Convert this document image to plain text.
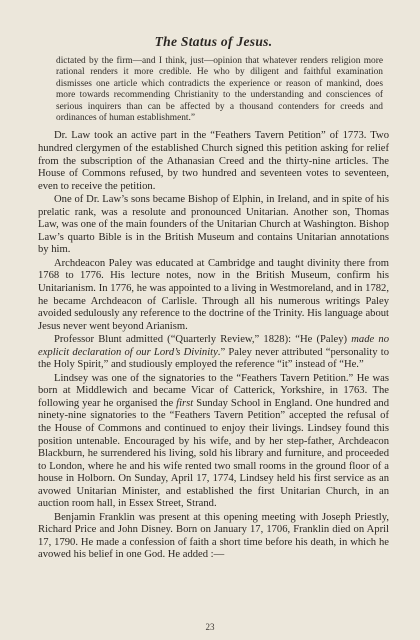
The Status of Jesus.
dictated by the firm—and I think, just—opinion that whatever renders religion more rational renders it more credible. He who by diligent and faithful examination dismisses one article which contradicts the experience or reason of mankind, does more towards recommending Christianity to the understanding and consciences of serious inquirers than can be affected by a thousand contenders for creeds and ordinances of human establishment.”

Dr. Law took an active part in the “Feathers Tavern Petition” of 1773. Two hundred clergymen of the established Church signed this petition asking for relief from the subscription of the Athanasian Creed and the thirty-nine articles. The House of Commons refused, by two hundred and seventeen votes to seventeen, even to receive the petition.

One of Dr. Law’s sons became Bishop of Elphin, in Ireland, and in spite of his prelatic rank, was a resolute and pronounced Unitarian. Another son, Thomas Law, was one of the main founders of the Unitarian Church at Washington. Bishop Law’s quarto Bible is in the British Museum and contains Unitarian annotations by him.

Archdeacon Paley was educated at Cambridge and taught divinity there from 1768 to 1776. His lecture notes, now in the British Museum, confirm his Unitarianism. In 1776, he was appointed to a living in Westmoreland, and in 1782, he became Archdeacon of Carlisle. Through all his numerous writings Paley avoided sedulously any reference to the doctrine of the Trinity. His language about Jesus never went beyond Arianism.

Professor Blunt admitted (“Quarterly Review,” 1828): “He (Paley) made no explicit declaration of our Lord’s Divinity.” Paley never attributed “personality to the Holy Spirit,” and studiously employed the reference “it” instead of “He.”

Lindsey was one of the signatories to the “Feathers Tavern Petition.” He was born at Middlewich and became Vicar of Catterick, Yorkshire, in 1763. The following year he organised the first Sunday School in England. One hundred and ninety-nine signatories to the “Feathers Tavern Petition” accepted the refusal of the House of Commons and continued to enjoy their livings. Lindsey found this position untenable. Encouraged by his wife, and by her step-father, Archdeacon Blackburn, he surrendered his living, sold his library and furniture, and proceeded to London, where he and his wife rented two small rooms in the ground floor of a house in Holborn. On Sunday, April 17, 1774, Lindsey held his first service as an avowed Unitarian Minister, and established the first Unitarian Church, in an auction room hall, in Essex Street, Strand.

Benjamin Franklin was present at this opening meeting with Joseph Priestly, Richard Price and John Disney. Born on January 17, 1706, Franklin died on April 17, 1790. He made a confession of faith a short time before his death, in which he avowed his belief in one God. He added :—

23
